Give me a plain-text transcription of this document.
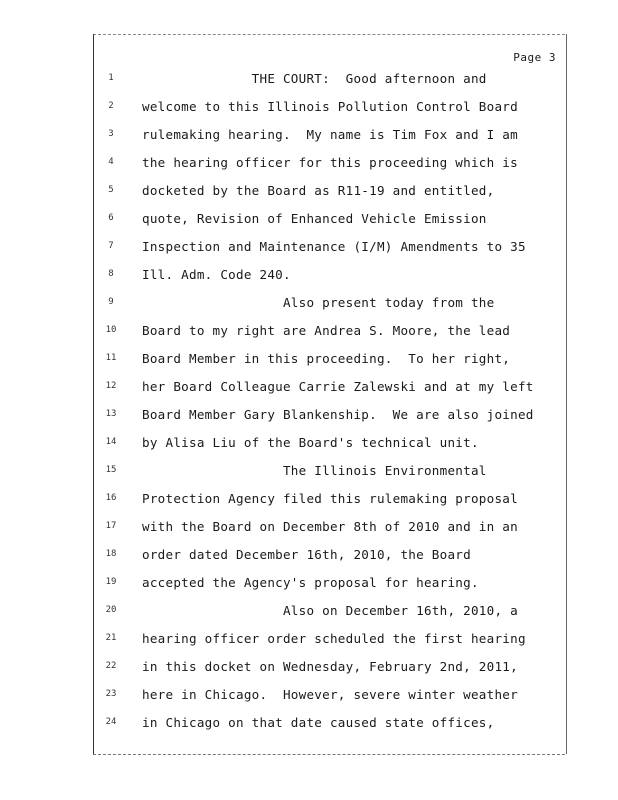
Page 3
1	THE COURT:  Good afternoon and
2	welcome to this Illinois Pollution Control Board
3	rulemaking hearing.  My name is Tim Fox and I am
4	the hearing officer for this proceeding which is
5	docketed by the Board as R11-19 and entitled,
6	quote, Revision of Enhanced Vehicle Emission
7	Inspection and Maintenance (I/M) Amendments to 35
8	Ill. Adm. Code 240.
9	Also present today from the
10	Board to my right are Andrea S. Moore, the lead
11	Board Member in this proceeding.  To her right,
12	her Board Colleague Carrie Zalewski and at my left
13	Board Member Gary Blankenship.  We are also joined
14	by Alisa Liu of the Board's technical unit.
15	The Illinois Environmental
16	Protection Agency filed this rulemaking proposal
17	with the Board on December 8th of 2010 and in an
18	order dated December 16th, 2010, the Board
19	accepted the Agency's proposal for hearing.
20	Also on December 16th, 2010, a
21	hearing officer order scheduled the first hearing
22	in this docket on Wednesday, February 2nd, 2011,
23	here in Chicago.  However, severe winter weather
24	in Chicago on that date caused state offices,
